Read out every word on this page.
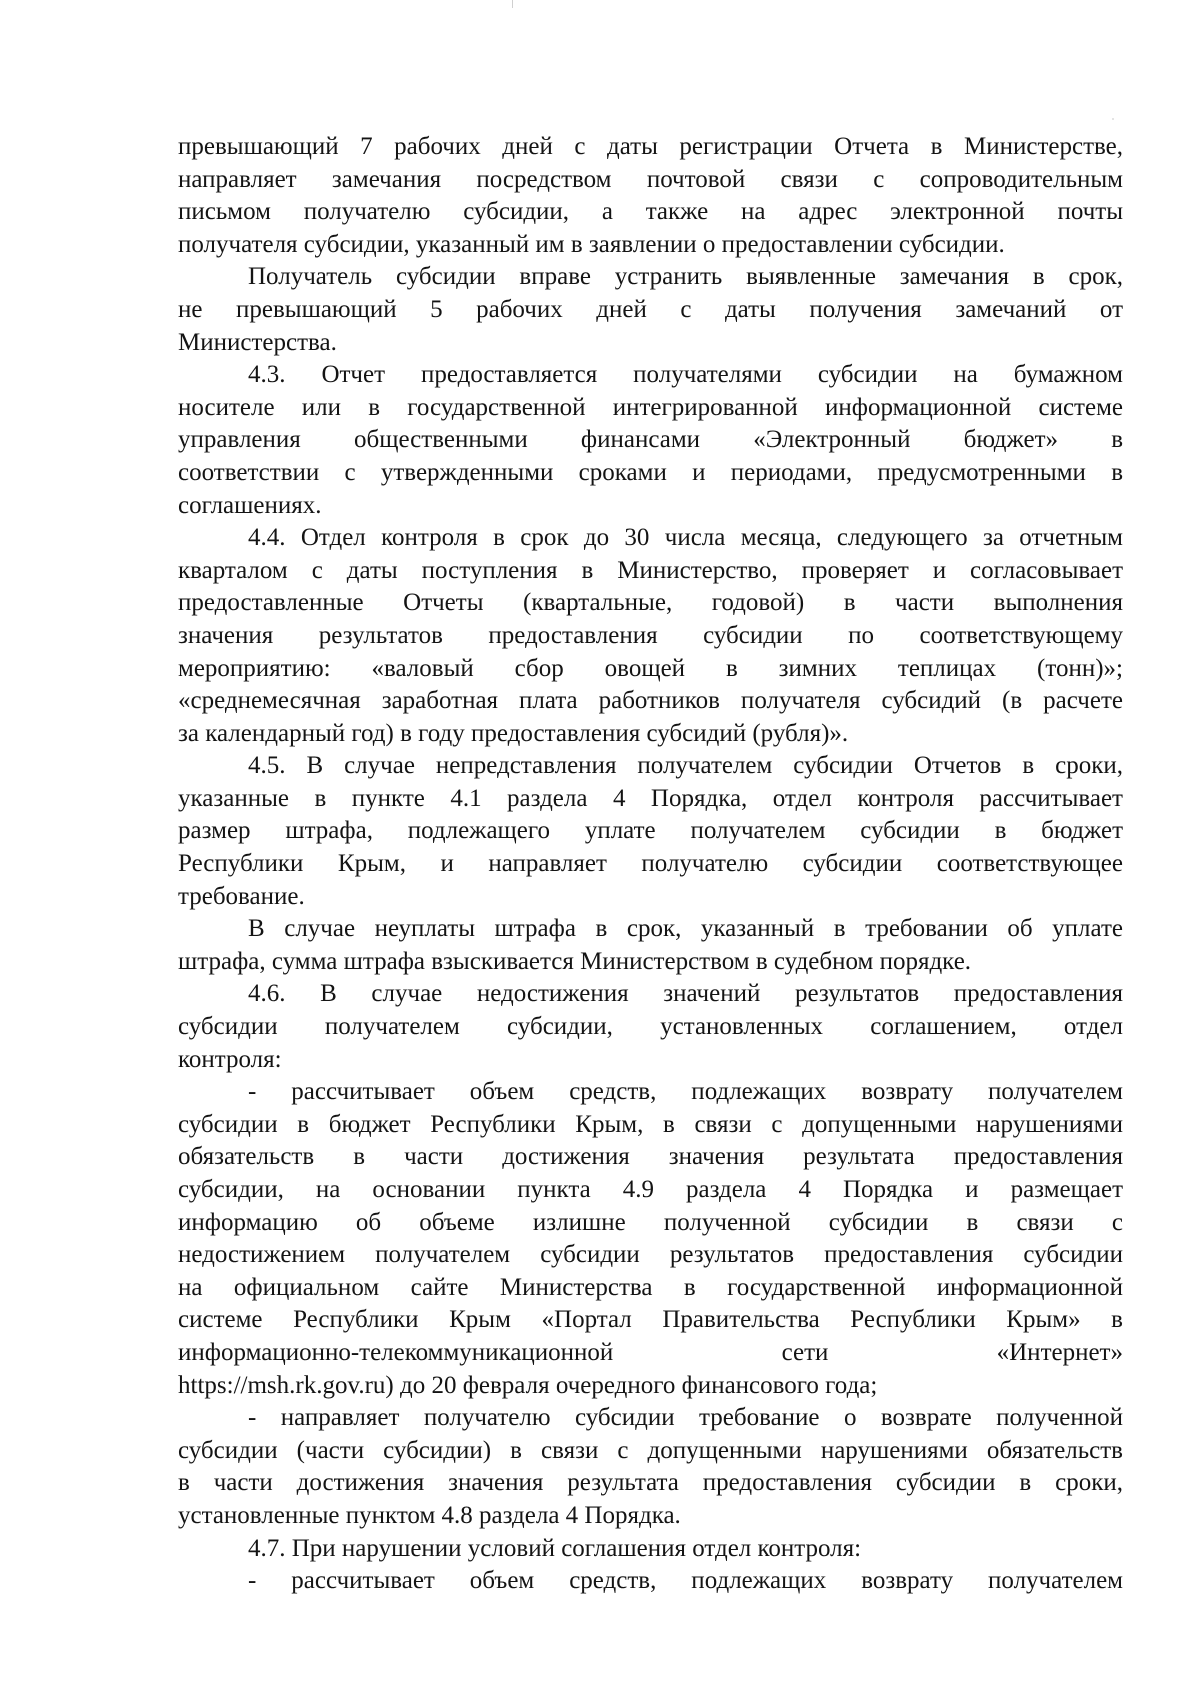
превышающий 7 рабочих дней с даты регистрации Отчета в Министерстве,
направляет замечания посредством почтовой связи с сопроводительным
письмом получателю субсидии, а также на адрес электронной почты
получателя субсидии, указанный им в заявлении о предоставлении субсидии.
Получатель субсидии вправе устранить выявленные замечания в срок,
не превышающий 5 рабочих дней с даты получения замечаний от
Министерства.
4.3. Отчет предоставляется получателями субсидии на бумажном
носителе или в государственной интегрированной информационной системе
управления общественными финансами «Электронный бюджет» в
соответствии с утвержденными сроками и периодами, предусмотренными в
соглашениях.
4.4. Отдел контроля в срок до 30 числа месяца, следующего за отчетным
кварталом с даты поступления в Министерство, проверяет и согласовывает
предоставленные Отчеты (квартальные, годовой) в части выполнения
значения результатов предоставления субсидии по соответствующему
мероприятию: «валовый сбор овощей в зимних теплицах (тонн)»;
«среднемесячная заработная плата работников получателя субсидий (в расчете
за календарный год) в году предоставления субсидий (рубля)».
4.5. В случае непредставления получателем субсидии Отчетов в сроки,
указанные в пункте 4.1 раздела 4 Порядка, отдел контроля рассчитывает
размер штрафа, подлежащего уплате получателем субсидии в бюджет
Республики Крым, и направляет получателю субсидии соответствующее
требование.
В случае неуплаты штрафа в срок, указанный в требовании об уплате
штрафа, сумма штрафа взыскивается Министерством в судебном порядке.
4.6. В случае недостижения значений результатов предоставления
субсидии получателем субсидии, установленных соглашением, отдел
контроля:
- рассчитывает объем средств, подлежащих возврату получателем
субсидии в бюджет Республики Крым, в связи с допущенными нарушениями
обязательств в части достижения значения результата предоставления
субсидии, на основании пункта 4.9 раздела 4 Порядка и размещает
информацию об объеме излишне полученной субсидии в связи с
недостижением получателем субсидии результатов предоставления субсидии
на официальном сайте Министерства в государственной информационной
системе Республики Крым «Портал Правительства Республики Крым» в
информационно-телекоммуникационной сети «Интернет»
https://msh.rk.gov.ru) до 20 февраля очередного финансового года;
- направляет получателю субсидии требование о возврате полученной
субсидии (части субсидии) в связи с допущенными нарушениями обязательств
в части достижения значения результата предоставления субсидии в сроки,
установленные пунктом 4.8 раздела 4 Порядка.
4.7. При нарушении условий соглашения отдел контроля:
- рассчитывает объем средств, подлежащих возврату получателем
